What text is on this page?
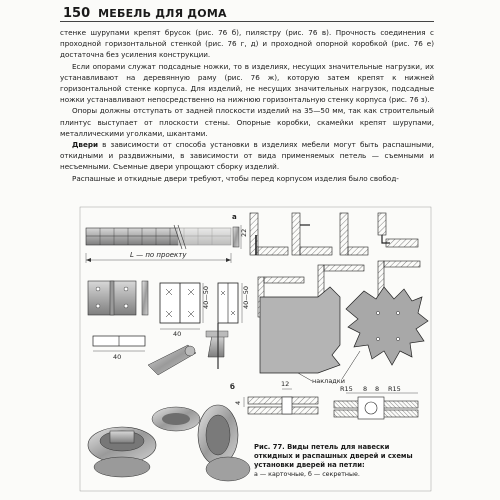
150 МЕБЕЛЬ ДЛЯ ДОМА

стенке шурупами крепят брусок (рис. 76 б), пилястру (рис. 76 в). Прочность соединения с проходной горизонтальной стенкой (рис. 76 г, д) и проходной опорной коробкой (рис. 76 е) достаточна без усиления конструкции.

Если опорами служат подсадные ножки, то в изделиях, несущих значительные нагрузки, их устанавливают на деревянную раму (рис. 76 ж), которую затем крепят к нижней горизонтальной стенке корпуса. Для изделий, не несущих значительных нагрузок, подсадные ножки устанавливают непосредственно на нижнюю горизонтальную стенку корпуса (рис. 76 з).

Опоры должны отступать от задней плоскости изделий на 35—50 мм, так как строительный плинтус выступает от плоскости стены. Опорные коробки, скамейки крепят шурупами, металлическими уголками, шкантами.

Двери в зависимости от способа установки в изделиях мебели могут быть распашными, откидными и раздвижными, в зависимости от вида применяемых петель — съемными и несъемными. Съемные двери упрощают сборку изделий.

Распашные и откидные двери требуют, чтобы перед корпусом изделия было свобод-

22
L — по проекту
40—50
40
40—50
40
а
накладки
б	12
4
R15 8 8 R15
Рис. 77. Виды петель для навески откидных и распашных дверей и схемы установки дверей на петли:
а — карточные, б — секретные.
